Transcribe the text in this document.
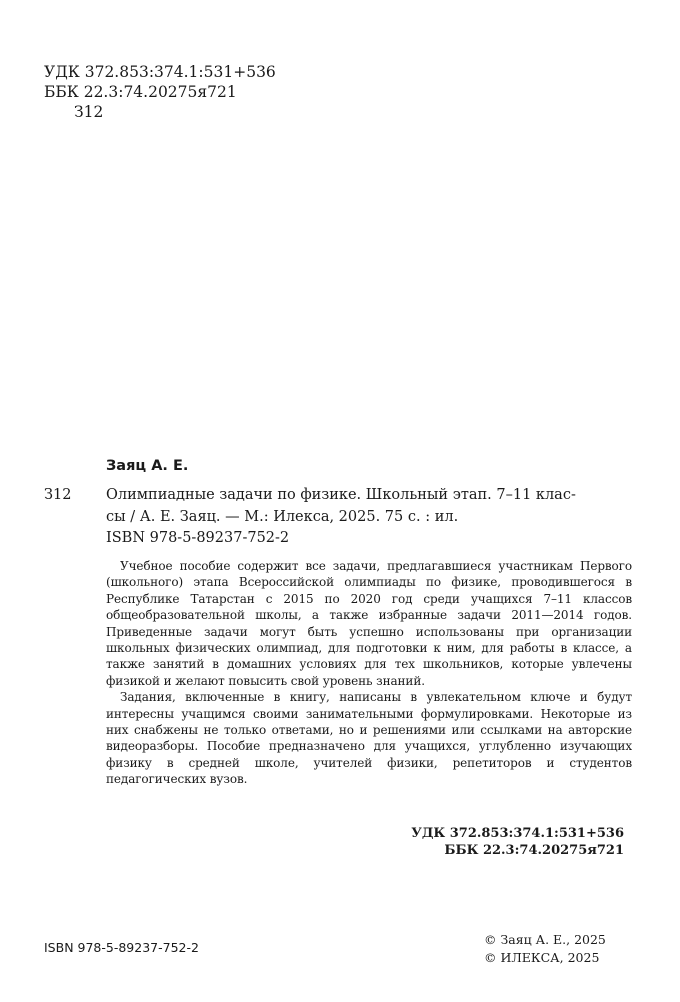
УДК 372.853:374.1:531+536
ББК 22.3:74.20275я721
З12
Заяц А. Е.
З12 Олимпиадные задачи по физике. Школьный этап. 7–11 клас-
сы / А. Е. Заяц. — М.: Илекса, 2025. 75 с. : ил.
ISBN 978-5-89237-752-2

Учебное пособие содержит все задачи, предлагавшиеся участникам Первого (школьного) этапа Всероссийской олимпиады по физике, проводившегося в Республике Татарстан с 2015 по 2020 год среди учащихся 7–11 классов общеобразовательной школы, а также избранные задачи 2011—2014 годов. Приведенные задачи могут быть успешно использованы при организации школьных физических олимпиад, для подготовки к ним, для работы в классе, а также занятий в домашних условиях для тех школьников, которые увлечены физикой и желают повысить свой уровень знаний.

Задания, включенные в книгу, написаны в увлекательном ключе и будут интересны учащимся своими занимательными формулировками. Некоторые из них снабжены не только ответами, но и решениями или ссылками на авторские видеоразборы. Пособие предназначено для учащихся, углубленно изучающих физику в средней школе, учителей физики, репетиторов и студентов педагогических вузов.

УДК 372.853:374.1:531+536
ББК 22.3:74.20275я721
ISBN 978-5-89237-752-2
© Заяц А. Е., 2025
© ИЛЕКСА, 2025
